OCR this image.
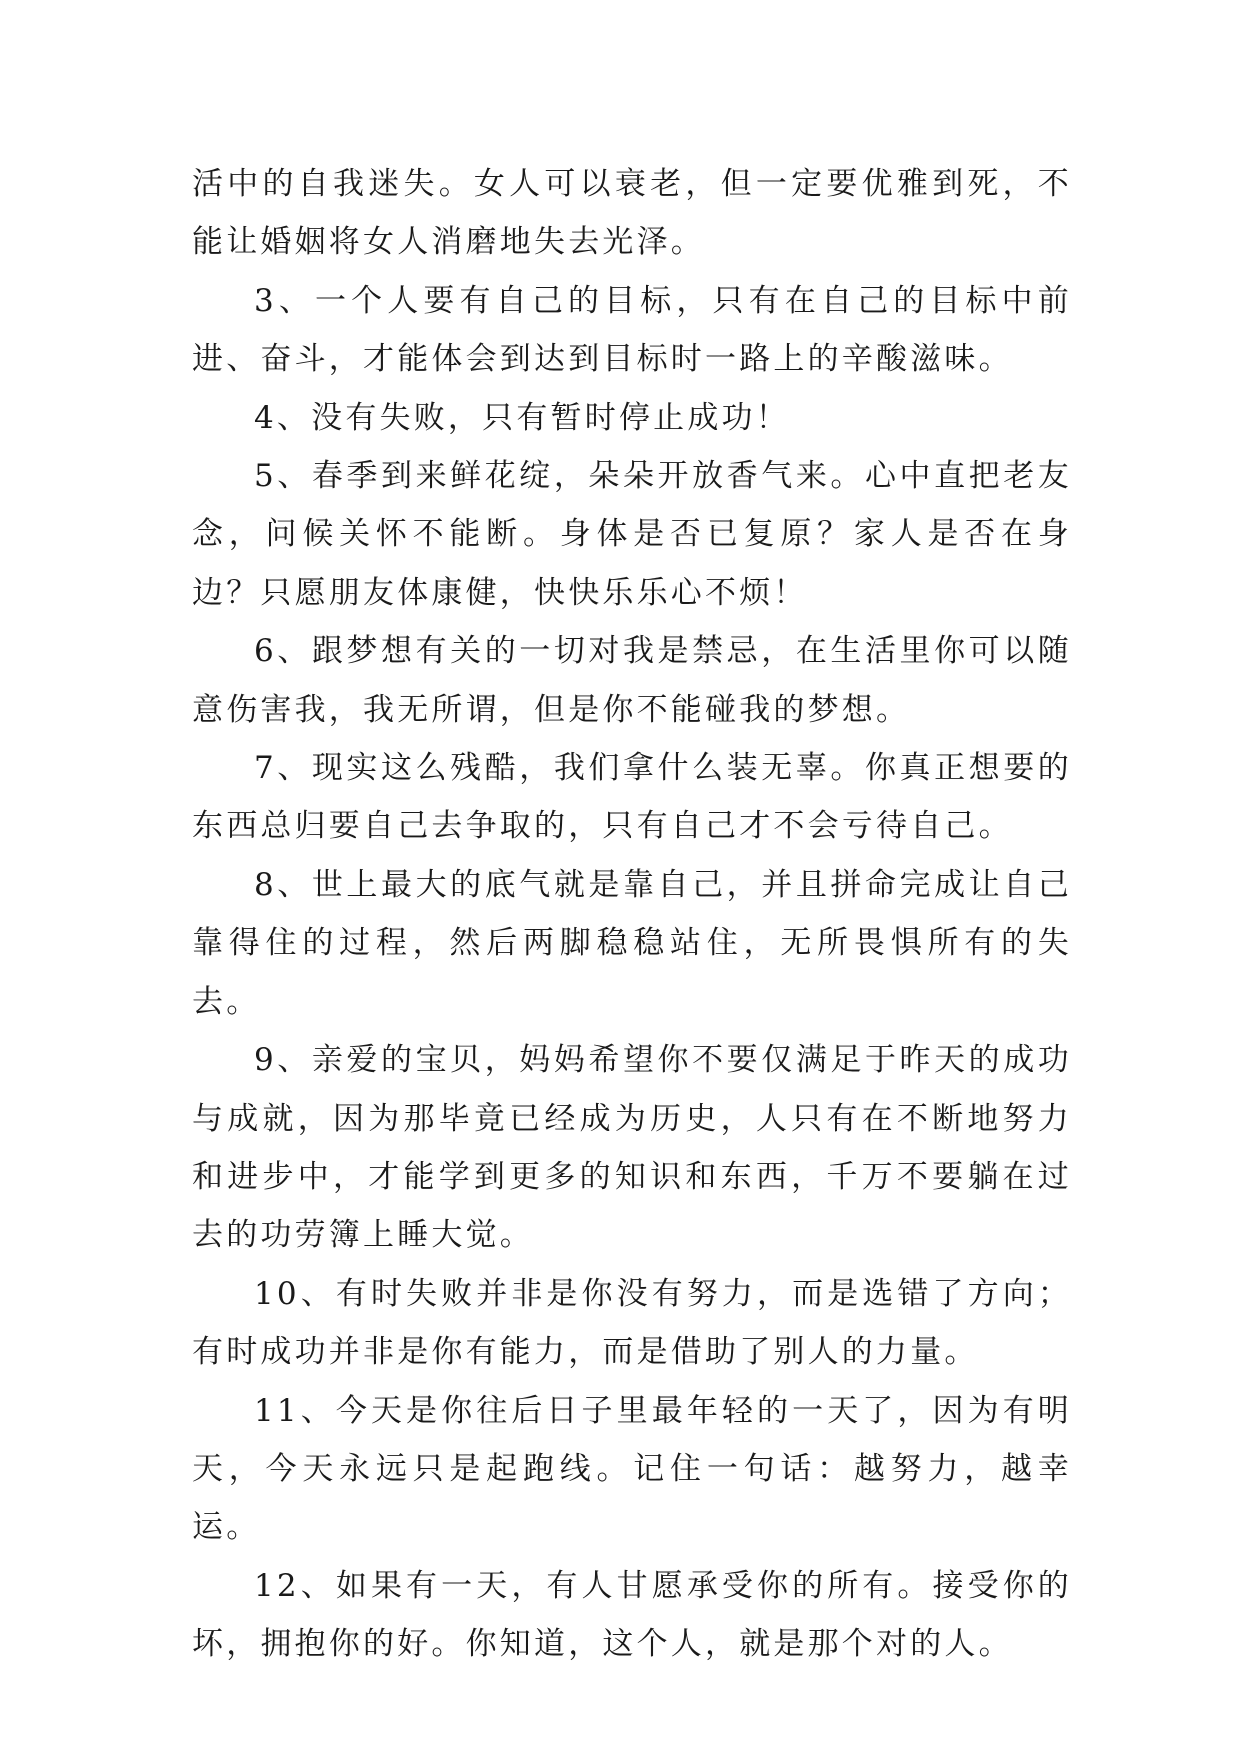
活中的自我迷失。女人可以衰老，但一定要优雅到死，不能让婚姻将女人消磨地失去光泽。

3、一个人要有自己的目标，只有在自己的目标中前进、奋斗，才能体会到达到目标时一路上的辛酸滋味。

4、没有失败，只有暂时停止成功！

5、春季到来鲜花绽，朵朵开放香气来。心中直把老友念，问候关怀不能断。身体是否已复原？家人是否在身边？只愿朋友体康健，快快乐乐心不烦！

6、跟梦想有关的一切对我是禁忌，在生活里你可以随意伤害我，我无所谓，但是你不能碰我的梦想。

7、现实这么残酷，我们拿什么装无辜。你真正想要的东西总归要自己去争取的，只有自己才不会亏待自己。

8、世上最大的底气就是靠自己，并且拼命完成让自己靠得住的过程，然后两脚稳稳站住，无所畏惧所有的失去。

9、亲爱的宝贝，妈妈希望你不要仅满足于昨天的成功与成就，因为那毕竟已经成为历史，人只有在不断地努力和进步中，才能学到更多的知识和东西，千万不要躺在过去的功劳簿上睡大觉。

10、有时失败并非是你没有努力，而是选错了方向；有时成功并非是你有能力，而是借助了别人的力量。

11、今天是你往后日子里最年轻的一天了，因为有明天，今天永远只是起跑线。记住一句话：越努力，越幸运。

12、如果有一天，有人甘愿承受你的所有。接受你的坏，拥抱你的好。你知道，这个人，就是那个对的人。
